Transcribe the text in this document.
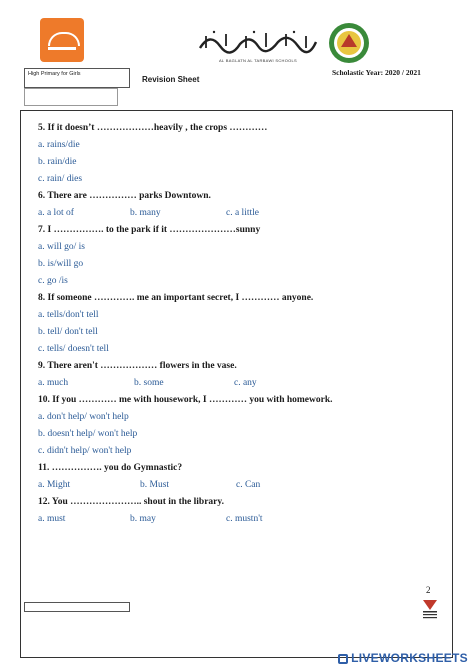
AL BAGLATN AL TARBAWI SCHOOLS
High Primary for Girls
Revision Sheet
Scholastic Year: 2020 / 2021
5. If it doesn’t ………………heavily , the crops …………
a. rains/die
b. rain/die
c. rain/ dies
6. There are …………… parks Downtown.
a. a lot of	b. many	c. a little
7. I ……………. to the park if it …………………sunny
a. will go/ is
b. is/will go
c. go /is
8. If someone …………. me an important secret, I ………… anyone.
a. tells/don't tell
b. tell/ don't tell
c. tells/ doesn't tell
9. There aren't ……………… flowers in the vase.
a. much	b. some	c. any
10. If you ………… me with housework, I ………… you with homework.
a. don't help/ won't help
b. doesn't help/ won't help
c. didn't help/ won't help
11. ……………. you do Gymnastic?
a. Might	b. Must	c. Can
12. You ………………….. shout in the library.
a. must	b. may	c. mustn't
2
LIVEWORKSHEETS
